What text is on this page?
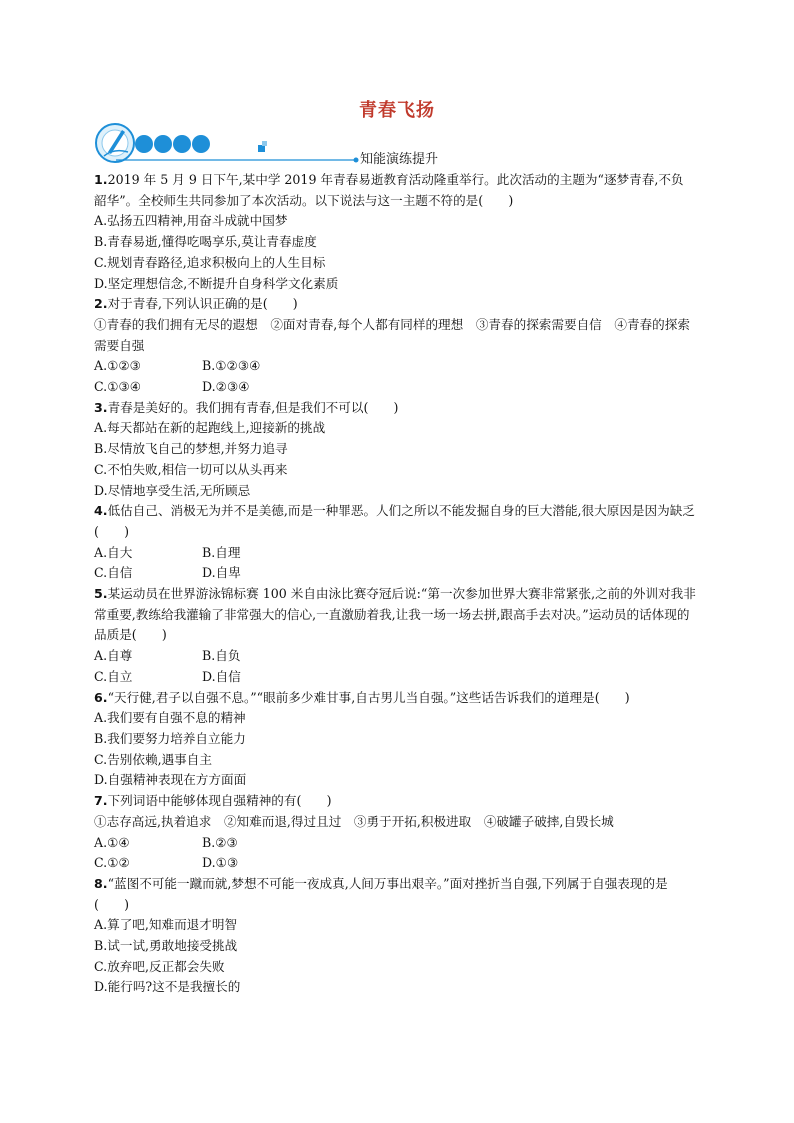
青春飞扬
知能演练提升
1.2019 年 5 月 9 日下午,某中学 2019 年青春易逝教育活动隆重举行。此次活动的主题为“逐梦青春,不负韶华”。全校师生共同参加了本次活动。以下说法与这一主题不符的是(　　)
A.弘扬五四精神,用奋斗成就中国梦
B.青春易逝,懂得吃喝享乐,莫让青春虚度
C.规划青春路径,追求积极向上的人生目标
D.坚定理想信念,不断提升自身科学文化素质
2.对于青春,下列认识正确的是(　　)
①青春的我们拥有无尽的遐想　②面对青春,每个人都有同样的理想　③青春的探索需要自信　④青春的探索需要自强
A.①②③	B.①②③④
C.①③④	D.②③④
3.青春是美好的。我们拥有青春,但是我们不可以(　　)
A.每天都站在新的起跑线上,迎接新的挑战
B.尽情放飞自己的梦想,并努力追寻
C.不怕失败,相信一切可以从头再来
D.尽情地享受生活,无所顾忌
4.低估自己、消极无为并不是美德,而是一种罪恶。人们之所以不能发掘自身的巨大潜能,很大原因是因为缺乏(　　)
A.自大	B.自理
C.自信	D.自卑
5.某运动员在世界游泳锦标赛 100 米自由泳比赛夺冠后说:“第一次参加世界大赛非常紧张,之前的外训对我非常重要,教练给我灌输了非常强大的信心,一直激励着我,让我一场一场去拼,跟高手去对决。”运动员的话体现的品质是(　　)
A.自尊	B.自负
C.自立	D.自信
6.“天行健,君子以自强不息。”“眼前多少难甘事,自古男儿当自强。”这些话告诉我们的道理是(　　)
A.我们要有自强不息的精神
B.我们要努力培养自立能力
C.告别依赖,遇事自主
D.自强精神表现在方方面面
7.下列词语中能够体现自强精神的有(　　)
①志存高远,执着追求　②知难而退,得过且过　③勇于开拓,积极进取　④破罐子破摔,自毁长城
A.①④	B.②③
C.①②	D.①③
8.“蓝图不可能一蹴而就,梦想不可能一夜成真,人间万事出艰辛。”面对挫折当自强,下列属于自强表现的是(　　)
A.算了吧,知难而退才明智
B.试一试,勇敢地接受挑战
C.放弃吧,反正都会失败
D.能行吗?这不是我擅长的
